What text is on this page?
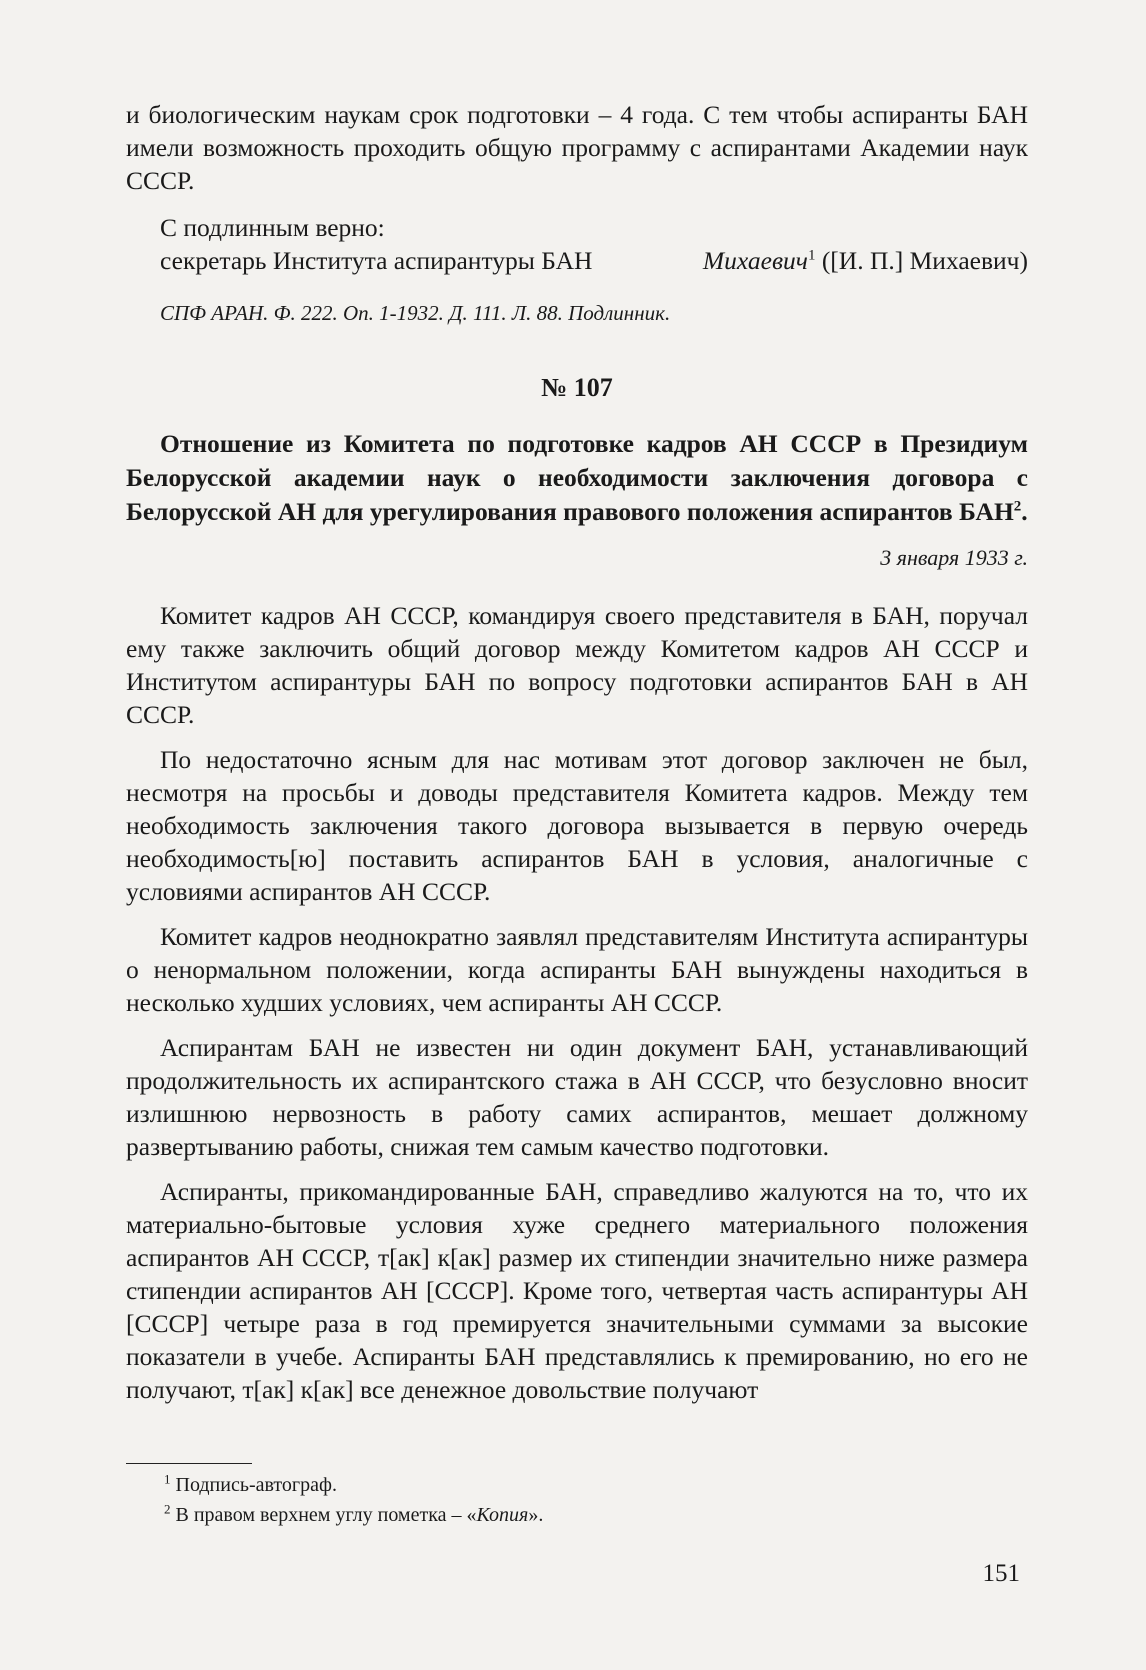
и биологическим наукам срок подготовки – 4 года. С тем чтобы аспиранты БАН имели возможность проходить общую программу с аспирантами Академии наук СССР.

С подлинным верно:
секретарь Института аспирантуры БАН	Михаевич$^1$ ([И. П.] Михаевич)

СПФ АРАН. Ф. 222. Оп. 1-1932. Д. 111. Л. 88. Подлинник.

№ 107

Отношение из Комитета по подготовке кадров АН СССР в Президиум Белорусской академии наук о необходимости заключения договора с Белорусской АН для урегулирования правового положения аспирантов БАН$^2$.

3 января 1933 г.

Комитет кадров АН СССР, командируя своего представителя в БАН, поручал ему также заключить общий договор между Комитетом кадров АН СССР и Институтом аспирантуры БАН по вопросу подготовки аспирантов БАН в АН СССР.

По недостаточно ясным для нас мотивам этот договор заключен не был, несмотря на просьбы и доводы представителя Комитета кадров. Между тем необходимость заключения такого договора вызывается в первую очередь необходимость[ю] поставить аспирантов БАН в условия, аналогичные с условиями аспирантов АН СССР.

Комитет кадров неоднократно заявлял представителям Института аспирантуры о ненормальном положении, когда аспиранты БАН вынуждены находиться в несколько худших условиях, чем аспиранты АН СССР.

Аспирантам БАН не известен ни один документ БАН, устанавливающий продолжительность их аспирантского стажа в АН СССР, что безусловно вносит излишнюю нервозность в работу самих аспирантов, мешает должному развертыванию работы, снижая тем самым качество подготовки.

Аспиранты, прикомандированные БАН, справедливо жалуются на то, что их материально-бытовые условия хуже среднего материального положения аспирантов АН СССР, т[ак] к[ак] размер их стипендии значительно ниже размера стипендии аспирантов АН [СССР]. Кроме того, четвертая часть аспирантуры АН [СССР] четыре раза в год премируется значительными суммами за высокие показатели в учебе. Аспиранты БАН представлялись к премированию, но его не получают, т[ак] к[ак] все денежное довольствие получают

$^1$ Подпись-автограф.
$^2$ В правом верхнем углу пометка – «Копия».
151
